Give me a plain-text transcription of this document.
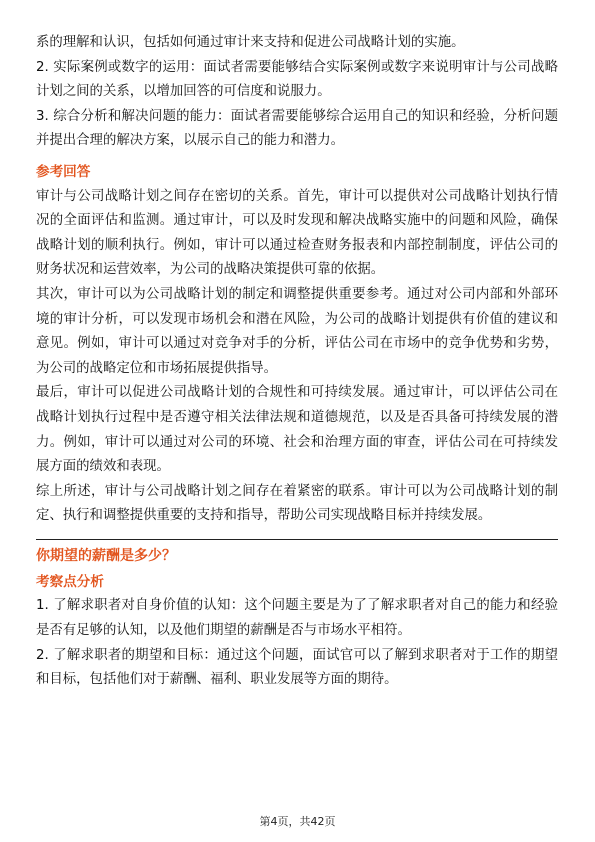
系的理解和认识，包括如何通过审计来支持和促进公司战略计划的实施。

2. 实际案例或数字的运用：面试者需要能够结合实际案例或数字来说明审计与公司战略计划之间的关系，以增加回答的可信度和说服力。

3. 综合分析和解决问题的能力：面试者需要能够综合运用自己的知识和经验，分析问题并提出合理的解决方案，以展示自己的能力和潜力。

参考回答

审计与公司战略计划之间存在密切的关系。首先，审计可以提供对公司战略计划执行情况的全面评估和监测。通过审计，可以及时发现和解决战略实施中的问题和风险，确保战略计划的顺利执行。例如，审计可以通过检查财务报表和内部控制制度，评估公司的财务状况和运营效率，为公司的战略决策提供可靠的依据。

其次，审计可以为公司战略计划的制定和调整提供重要参考。通过对公司内部和外部环境的审计分析，可以发现市场机会和潜在风险，为公司的战略计划提供有价值的建议和意见。例如，审计可以通过对竞争对手的分析，评估公司在市场中的竞争优势和劣势，为公司的战略定位和市场拓展提供指导。

最后，审计可以促进公司战略计划的合规性和可持续发展。通过审计，可以评估公司在战略计划执行过程中是否遵守相关法律法规和道德规范，以及是否具备可持续发展的潜力。例如，审计可以通过对公司的环境、社会和治理方面的审查，评估公司在可持续发展方面的绩效和表现。

综上所述，审计与公司战略计划之间存在着紧密的联系。审计可以为公司战略计划的制定、执行和调整提供重要的支持和指导，帮助公司实现战略目标并持续发展。

你期望的薪酬是多少？
考察点分析

1. 了解求职者对自身价值的认知：这个问题主要是为了了解求职者对自己的能力和经验是否有足够的认知，以及他们期望的薪酬是否与市场水平相符。

2. 了解求职者的期望和目标：通过这个问题，面试官可以了解到求职者对于工作的期望和目标，包括他们对于薪酬、福利、职业发展等方面的期待。

第4页，共42页
